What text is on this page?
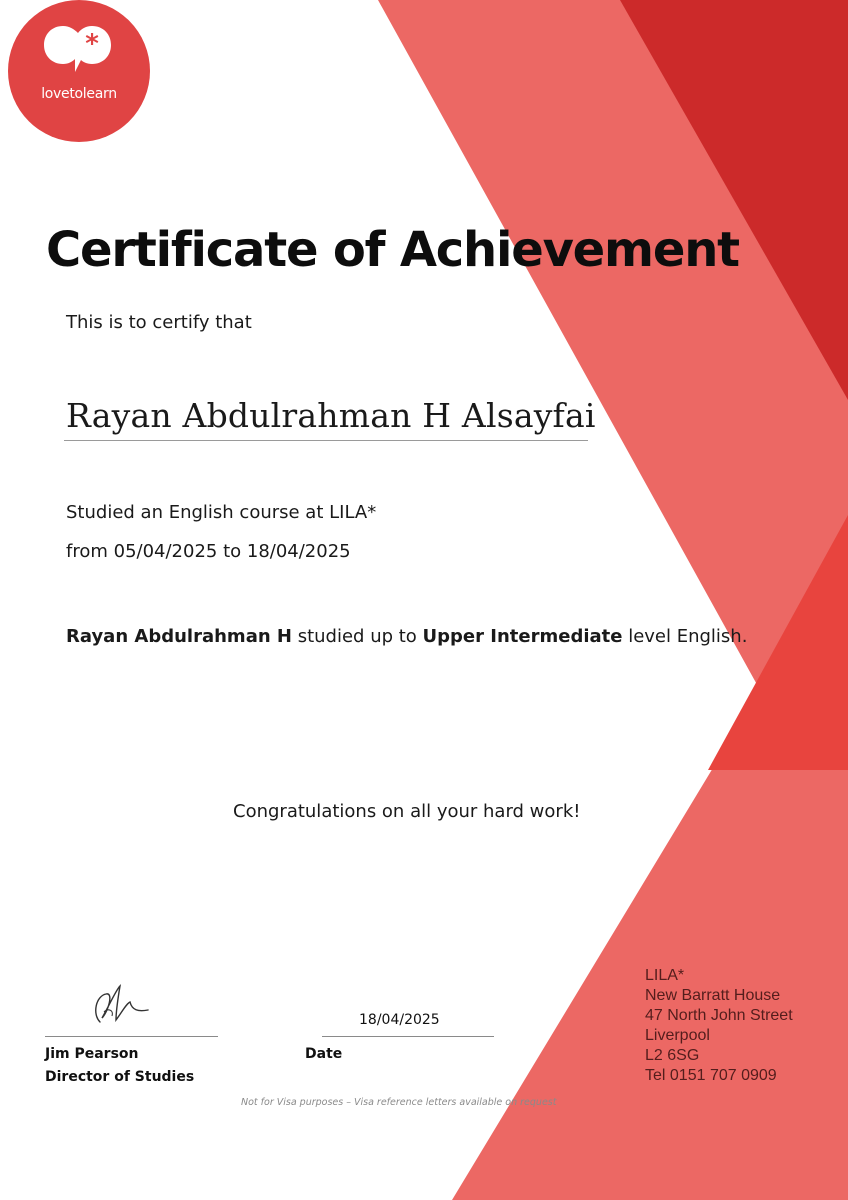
*
lovetolearn
Certificate of Achievement
This is to certify that
Rayan Abdulrahman H Alsayfai
Studied an English course at LILA*
from 05/04/2025 to 18/04/2025
Rayan Abdulrahman H studied up to Upper Intermediate level English.
Congratulations on all your hard work!
Jim Pearson
Director of Studies
18/04/2025
Date
Not for Visa purposes – Visa reference letters available on request
LILA*
New Barratt House
47 North John Street
Liverpool
L2 6SG
Tel 0151 707 0909
